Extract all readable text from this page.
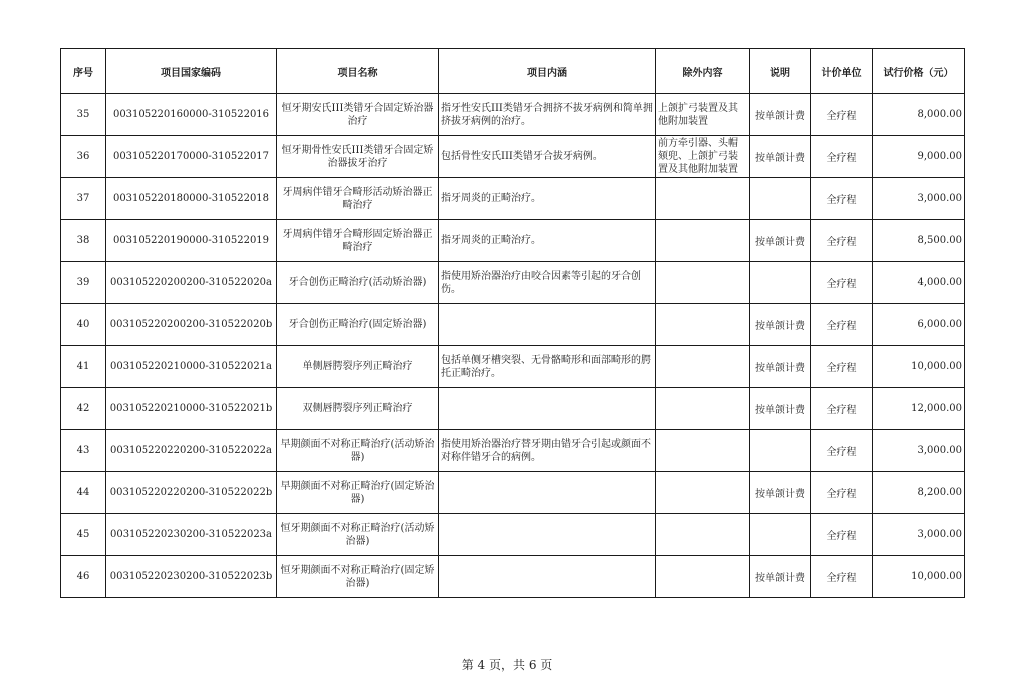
序号	项目国家编码	项目名称	项目内涵	除外内容	说明	计价单位	试行价格（元）
35	003105220160000-310522016	恒牙期安氏III类错牙合固定矫治器治疗	指牙性安氏III类错牙合拥挤不拔牙病例和简单拥挤拔牙病例的治疗。	上颌扩弓装置及其他附加装置	按单颌计费	全疗程	8,000.00
36	003105220170000-310522017	恒牙期骨性安氏III类错牙合固定矫治器拔牙治疗	包括骨性安氏III类错牙合拔牙病例。	前方牵引器、头帽颏兜、上颌扩弓装置及其他附加装置	按单颌计费	全疗程	9,000.00
37	003105220180000-310522018	牙周病伴错牙合畸形活动矫治器正畸治疗	指牙周炎的正畸治疗。			全疗程	3,000.00
38	003105220190000-310522019	牙周病伴错牙合畸形固定矫治器正畸治疗	指牙周炎的正畸治疗。		按单颌计费	全疗程	8,500.00
39	003105220200200-310522020a	牙合创伤正畸治疗(活动矫治器)	指使用矫治器治疗由咬合因素等引起的牙合创伤。			全疗程	4,000.00
40	003105220200200-310522020b	牙合创伤正畸治疗(固定矫治器)			按单颌计费	全疗程	6,000.00
41	003105220210000-310522021a	单侧唇腭裂序列正畸治疗	包括单侧牙槽突裂、无骨骼畸形和面部畸形的腭托正畸治疗。		按单颌计费	全疗程	10,000.00
42	003105220210000-310522021b	双侧唇腭裂序列正畸治疗			按单颌计费	全疗程	12,000.00
43	003105220220200-310522022a	早期颜面不对称正畸治疗(活动矫治器)	指使用矫治器治疗替牙期由错牙合引起或颜面不对称伴错牙合的病例。			全疗程	3,000.00
44	003105220220200-310522022b	早期颜面不对称正畸治疗(固定矫治器)			按单颌计费	全疗程	8,200.00
45	003105220230200-310522023a	恒牙期颜面不对称正畸治疗(活动矫治器)				全疗程	3,000.00
46	003105220230200-310522023b	恒牙期颜面不对称正畸治疗(固定矫治器)			按单颌计费	全疗程	10,000.00
第 4 页，共 6 页
